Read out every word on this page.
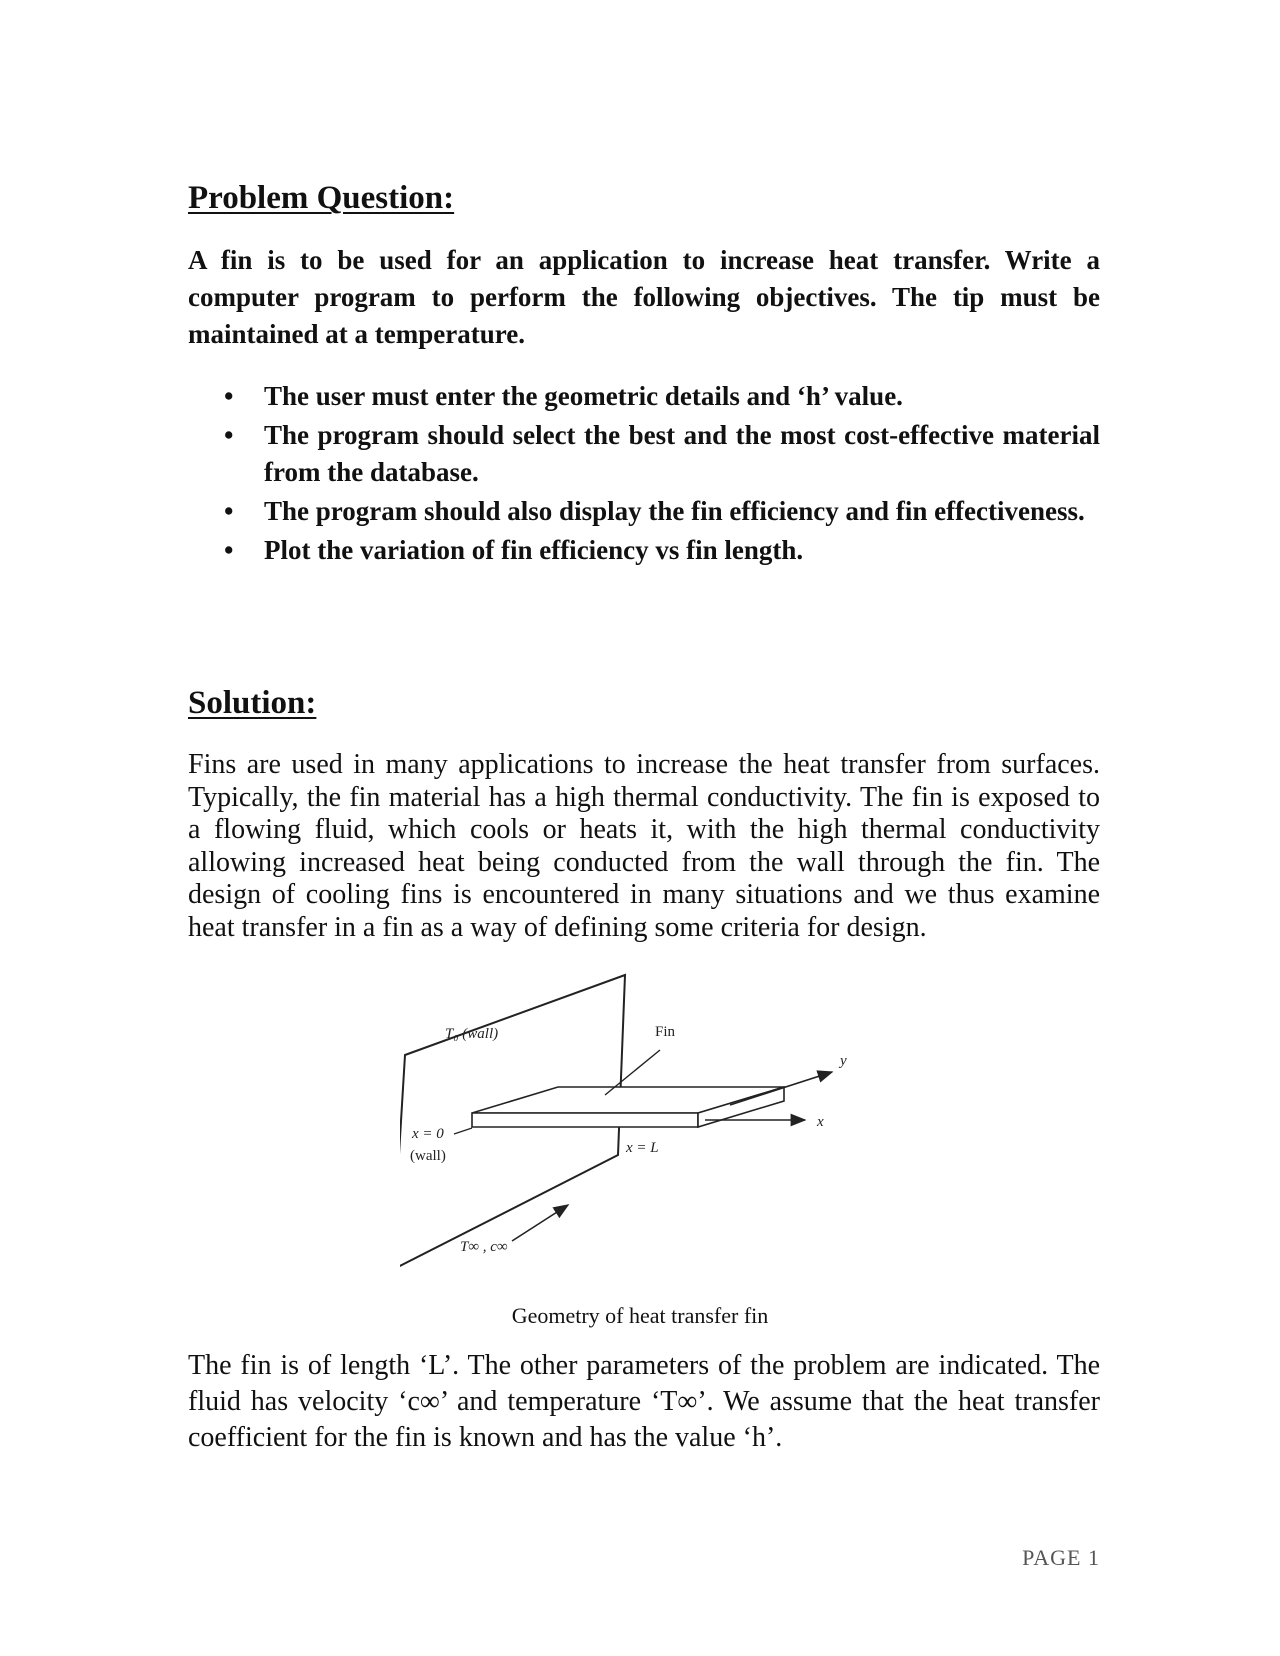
Problem Question:

A fin is to be used for an application to increase heat transfer. Write a computer program to perform the following objectives. The tip must be maintained at a temperature.

• The user must enter the geometric details and ‘h’ value.
• The program should select the best and the most cost-effective material from the database.
• The program should also display the fin efficiency and fin effectiveness.
• Plot the variation of fin efficiency vs fin length.
Solution:

Fins are used in many applications to increase the heat transfer from surfaces. Typically, the fin material has a high thermal conductivity. The fin is exposed to a flowing fluid, which cools or heats it, with the high thermal conductivity allowing increased heat being conducted from the wall through the fin. The design of cooling fins is encountered in many situations and we thus examine heat transfer in a fin as a way of defining some criteria for design.

T₀ (wall)	Fin
x = 0
(wall)	x = L
y
x
T∞ , c∞

Geometry of heat transfer fin

The fin is of length ‘L’. The other parameters of the problem are indicated. The fluid has velocity ‘c∞’ and temperature ‘T∞’. We assume that the heat transfer coefficient for the fin is known and has the value ‘h’.

PAGE 1
